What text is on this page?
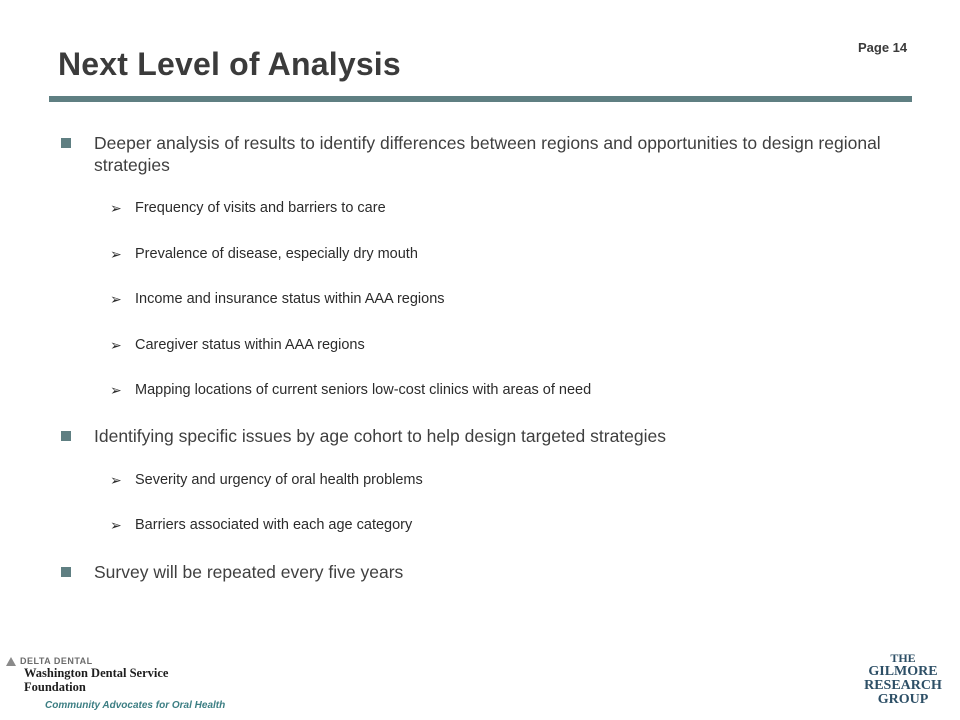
Page 14
Next Level of Analysis
Deeper analysis of results to identify differences between regions and opportunities to design regional strategies
➢ Frequency of visits and barriers to care
➢ Prevalence of disease, especially dry mouth
➢ Income and insurance status within AAA regions
➢ Caregiver status within AAA regions
➢ Mapping locations of current seniors low-cost clinics with areas of need
Identifying specific issues by age cohort to help design targeted strategies
➢ Severity and urgency of oral health problems
➢ Barriers associated with each age category
Survey will be repeated every five years
DELTA DENTAL
Washington Dental Service
Foundation
Community Advocates for Oral Health
THE
GILMORE
RESEARCH
GROUP
